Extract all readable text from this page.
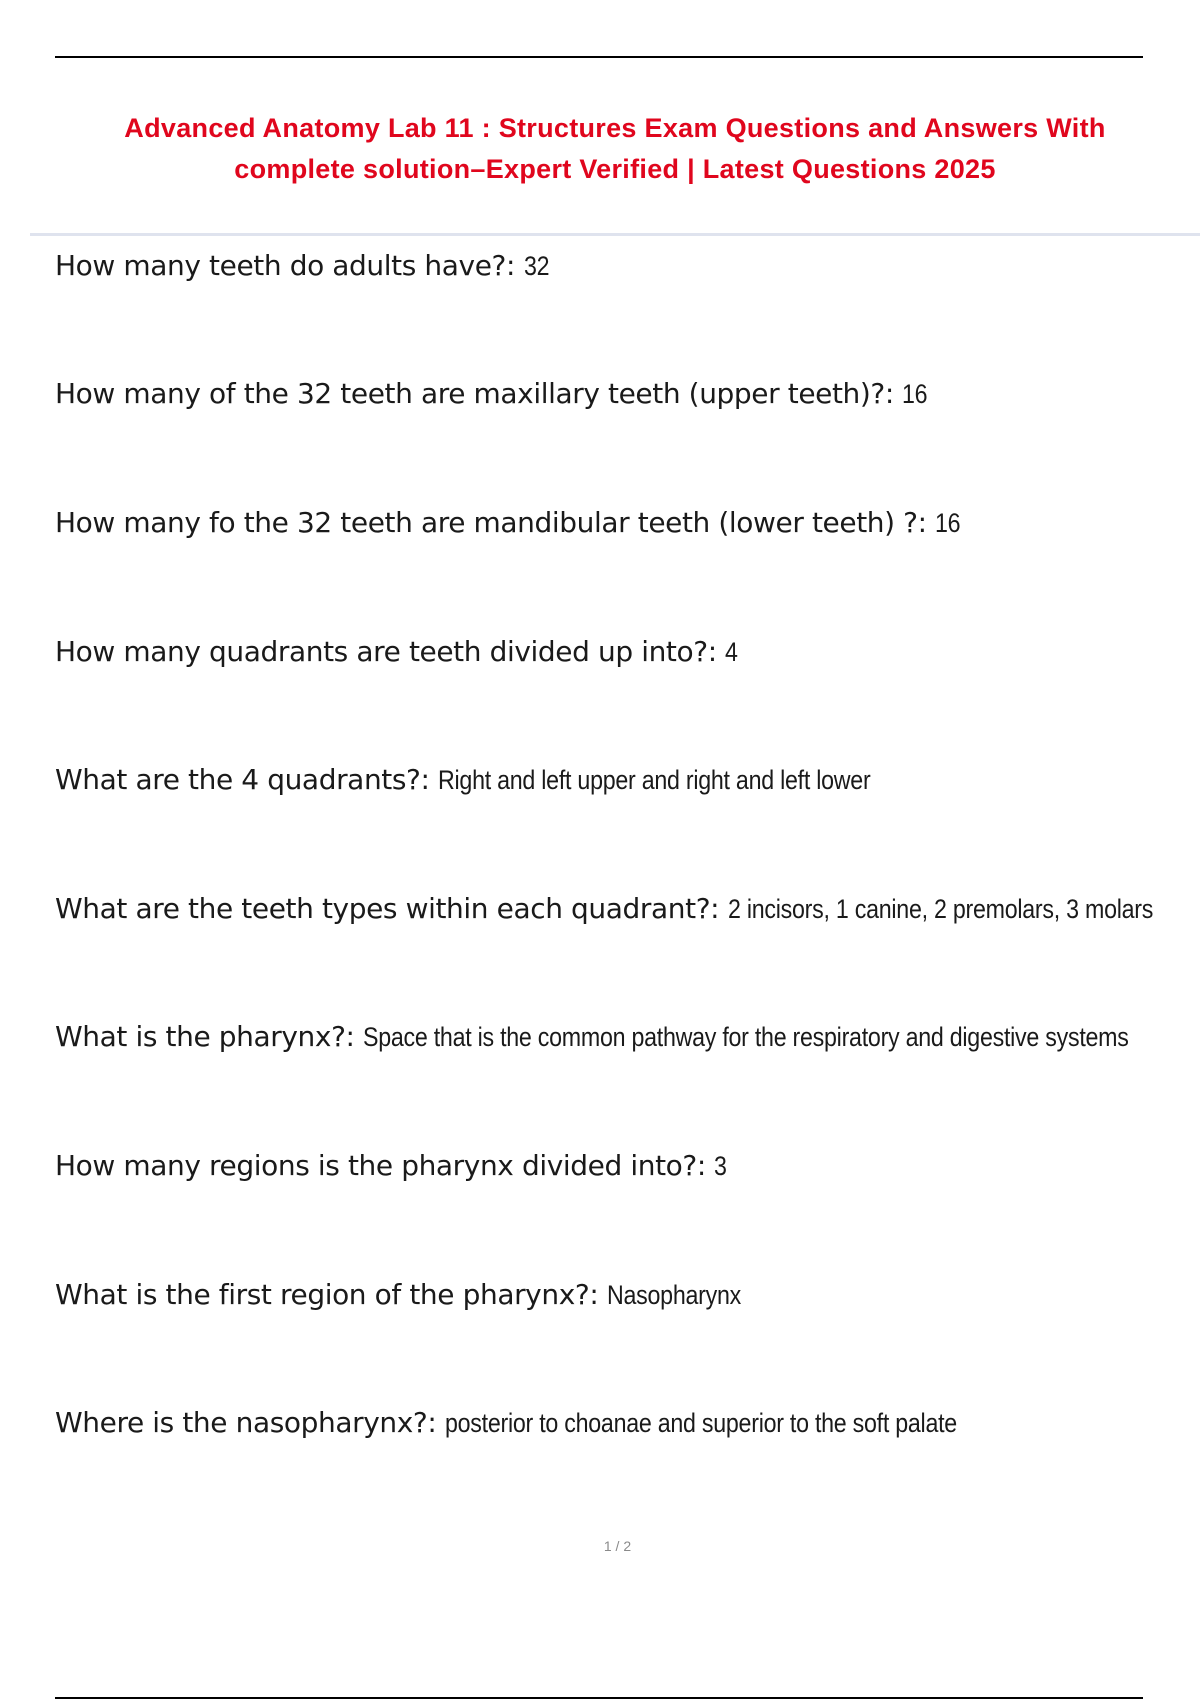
Advanced Anatomy Lab 11 : Structures Exam Questions and Answers With
complete solution–Expert Verified | Latest Questions 2025
How many teeth do adults have?: 32
How many of the 32 teeth are maxillary teeth (upper teeth)?: 16
How many fo the 32 teeth are mandibular teeth (lower teeth) ?: 16
How many quadrants are teeth divided up into?: 4
What are the 4 quadrants?: Right and left upper and right and left lower
What are the teeth types within each quadrant?: 2 incisors, 1 canine, 2 premolars, 3 molars
What is the pharynx?: Space that is the common pathway for the respiratory and digestive systems
How many regions is the pharynx divided into?: 3
What is the first region of the pharynx?: Nasopharynx
Where is the nasopharynx?: posterior to choanae and superior to the soft palate
1 / 2
